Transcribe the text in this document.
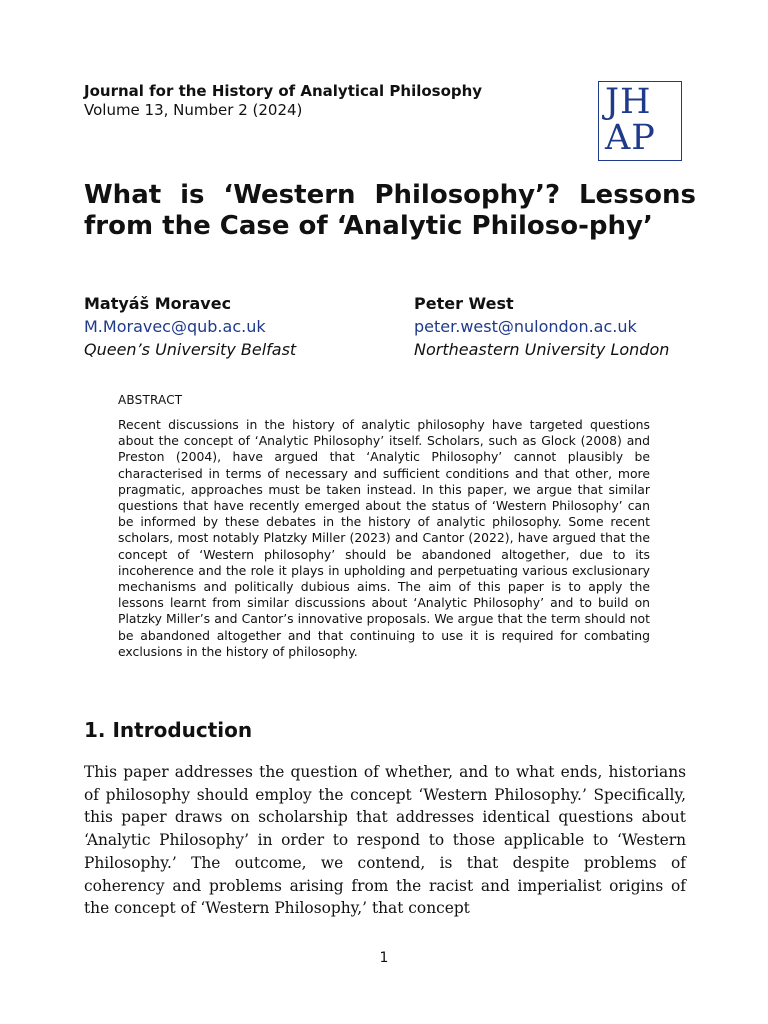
Journal for the History of Analytical Philosophy
Volume 13, Number 2 (2024)	JH
AP
What is ‘Western Philosophy’? Lessons from the Case of ‘Analytic Philoso-phy’
Matyáš Moravec
M.Moravec@qub.ac.uk
Queen’s University Belfast
Peter West
peter.west@nulondon.ac.uk
Northeastern University London
ABSTRACT
Recent discussions in the history of analytic philosophy have targeted questions about the concept of ‘Analytic Philosophy’ itself. Scholars, such as Glock (2008) and Preston (2004), have argued that ‘Analytic Philosophy’ cannot plausibly be characterised in terms of necessary and sufficient conditions and that other, more pragmatic, approaches must be taken instead. In this paper, we argue that similar questions that have recently emerged about the status of ‘Western Philosophy’ can be informed by these debates in the history of analytic philosophy. Some recent scholars, most notably Platzky Miller (2023) and Cantor (2022), have argued that the concept of ‘Western philosophy’ should be abandoned altogether, due to its incoherence and the role it plays in upholding and perpetuating various exclusionary mechanisms and politically dubious aims. The aim of this paper is to apply the lessons learnt from similar discussions about ‘Analytic Philosophy’ and to build on Platzky Miller’s and Cantor’s innovative proposals. We argue that the term should not be abandoned altogether and that continuing to use it is required for combating exclusions in the history of philosophy.
1. Introduction

This paper addresses the question of whether, and to what ends, historians of philosophy should employ the concept ‘Western Philosophy.’ Specifically, this paper draws on scholarship that addresses identical questions about ‘Analytic Philosophy’ in order to respond to those applicable to ‘Western Philosophy.’ The outcome, we contend, is that despite problems of coherency and problems arising from the racist and imperialist origins of the concept of ‘Western Philosophy,’ that concept

1
